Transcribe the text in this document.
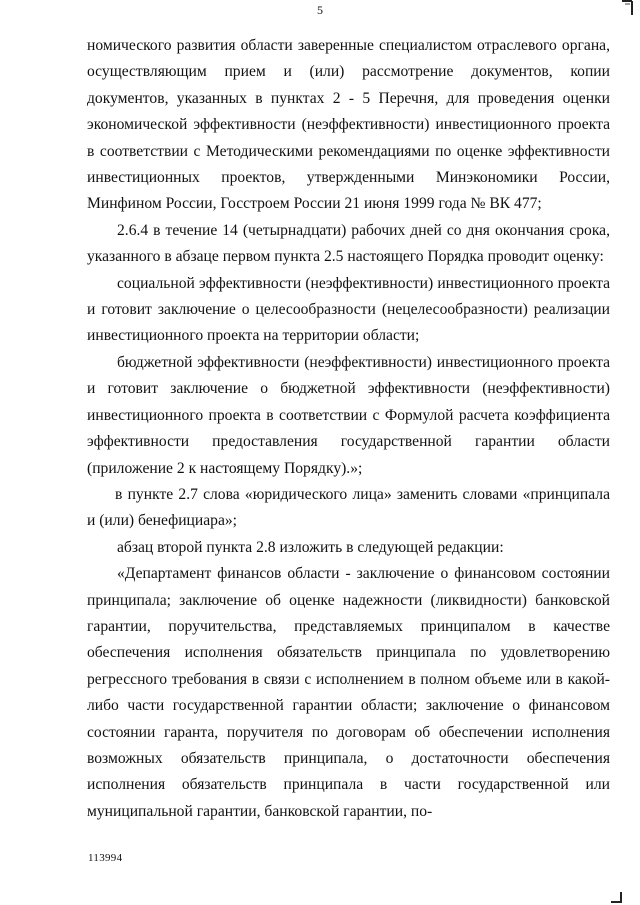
5

номического развития области заверенные специалистом отраслевого органа, осуществляющим прием и (или) рассмотрение документов, копии документов, указанных в пунктах 2 - 5 Перечня, для проведения оценки экономической эффективности (неэффективности) инвестиционного проекта в соответствии с Методическими рекомендациями по оценке эффективности инвестиционных проектов, утвержденными Минэкономики России, Минфином России, Госстроем России 21 июня 1999 года № ВК 477;

2.6.4 в течение 14 (четырнадцати) рабочих дней со дня окончания срока, указанного в абзаце первом пункта 2.5 настоящего Порядка проводит оценку:

социальной эффективности (неэффективности) инвестиционного проекта и готовит заключение о целесообразности (нецелесообразности) реализации инвестиционного проекта на территории области;

бюджетной эффективности (неэффективности) инвестиционного проекта и готовит заключение о бюджетной эффективности (неэффективности) инвестиционного проекта в соответствии с Формулой расчета коэффициента эффективности предоставления государственной гарантии области (приложение 2 к настоящему Порядку).»;

в пункте 2.7 слова «юридического лица» заменить словами «принципала и (или) бенефициара»;

абзац второй пункта 2.8 изложить в следующей редакции:

«Департамент финансов области - заключение о финансовом состоянии принципала; заключение об оценке надежности (ликвидности) банковской гарантии, поручительства, представляемых принципалом в качестве обеспечения исполнения обязательств принципала по удовлетворению регрессного требования в связи с исполнением в полном объеме или в какой-либо части государственной гарантии области; заключение о финансовом состоянии гаранта, поручителя по договорам об обеспечении исполнения возможных обязательств принципала, о достаточности обеспечения исполнения обязательств принципала в части государственной или муниципальной гарантии, банковской гарантии, по-

113994
